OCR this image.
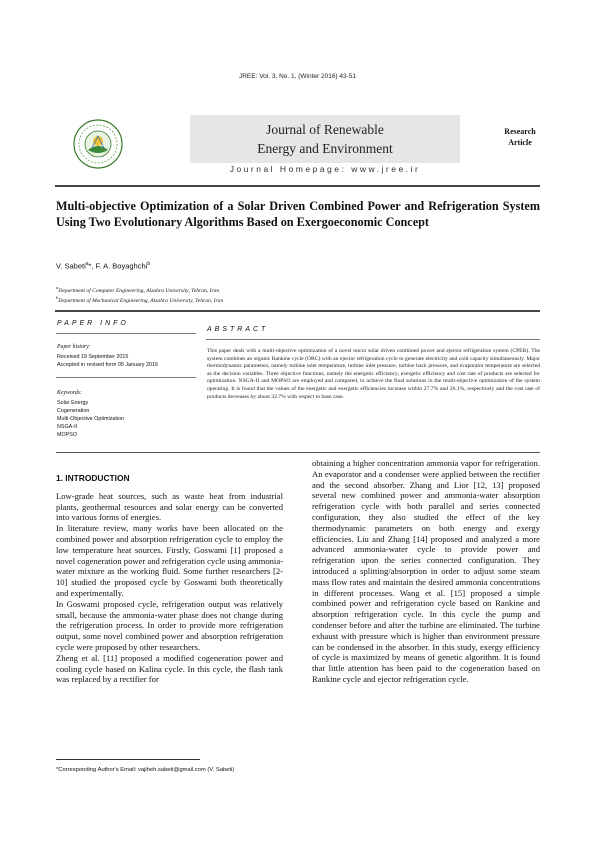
JREE: Vol. 3, No. 1, (Winter 2016) 43-51
Journal of Renewable
Energy and Environment
Journal Homepage: www.jree.ir
Research
Article
Multi-objective Optimization of a Solar Driven Combined Power and Refrigeration System Using Two Evolutionary Algorithms Based on Exergoeconomic Concept
V. Sabeti$^a$*, F. A. Boyaghchi$^b$
$^a$Department of Computer Engineering, Alzahra University, Tehran, Iran
$^b$Department of Mechanical Engineering, Alzahra University, Tehran, Iran
PAPER INFO
Paper history:
Received 19 September 2015
Accepted in revised form 05 January 2016
Keywords:
Solar Energy
Cogeneration
Multi-Objective Optimization
NSGA-II
MOPSO
ABSTRACT
This paper deals with a multi-objective optimization of a novel micro solar driven combined power and ejector refrigeration system (CPER). The system combines an organic Rankine cycle (ORC) with an ejector refrigeration cycle to generate electricity and cold capacity simultaneously. Major thermodynamic parameters, namely turbine inlet temperature, turbine inlet pressure, turbine back pressure, and evaporator temperature are selected as the decision variables. Three objective functions, namely the energetic efficiency, exergetic efficiency and cost rate of products are selected for optimization. NSGA-II and MOPSO are employed and compared, to achieve the final solutions in the multi-objective optimization of the system operating. It is found that the values of the energetic and exergetic efficiencies increase within 27.7% and 26.1%, respectively and the cost rate of products decreases by about 32.7% with respect to base case.
1. INTRODUCTION

Low-grade heat sources, such as waste heat from industrial plants, geothermal resources and solar energy can be converted into various forms of energies.

In literature review, many works have been allocated on the combined power and absorption refrigeration cycle to employ the low temperature heat sources. Firstly, Goswami [1] proposed a novel cogeneration power and refrigeration cycle using ammonia-water mixture as the working fluid. Some further researchers [2-10] studied the proposed cycle by Goswami both theoretically and experimentally.

In Goswami proposed cycle, refrigeration output was relatively small, because the ammonia-water phase does not change during the refrigeration process. In order to provide more refrigeration output, some novel combined power and absorption refrigeration cycle were proposed by other researchers.

Zheng et al. [11] proposed a modified cogeneration power and cooling cycle based on Kalina cycle. In this cycle, the flash tank was replaced by a rectifier for

*Corresponding Author's Email: vajiheh.sabeti@gmail.com (V. Sabeti)

obtaining a higher concentration ammonia vapor for refrigeration. An evaporator and a condenser were applied between the rectifier and the second absorber. Zhang and Lior [12, 13] proposed several new combined power and ammonia-water absorption refrigeration cycle with both parallel and series connected configuration, they also studied the effect of the key thermodynamic parameters on both energy and exergy efficiencies. Liu and Zhang [14] proposed and analyzed a more advanced ammonia-water cycle to provide power and refrigeration upon the series connected configuration. They introduced a splitting/absorption in order to adjust some steam mass flow rates and maintain the desired ammonia concentrations in different processes. Wang et al. [15] proposed a simple combined power and refrigeration cycle based on Rankine and absorption refrigeration cycle. In this cycle the pump and condenser before and after the turbine are eliminated. The turbine exhaust with pressure which is higher than environment pressure can be condensed in the absorber. In this study, exergy efficiency of cycle is maximized by means of genetic algorithm. It is found that little attention has been paid to the cogeneration based on Rankine cycle and ejector refrigeration cycle.
